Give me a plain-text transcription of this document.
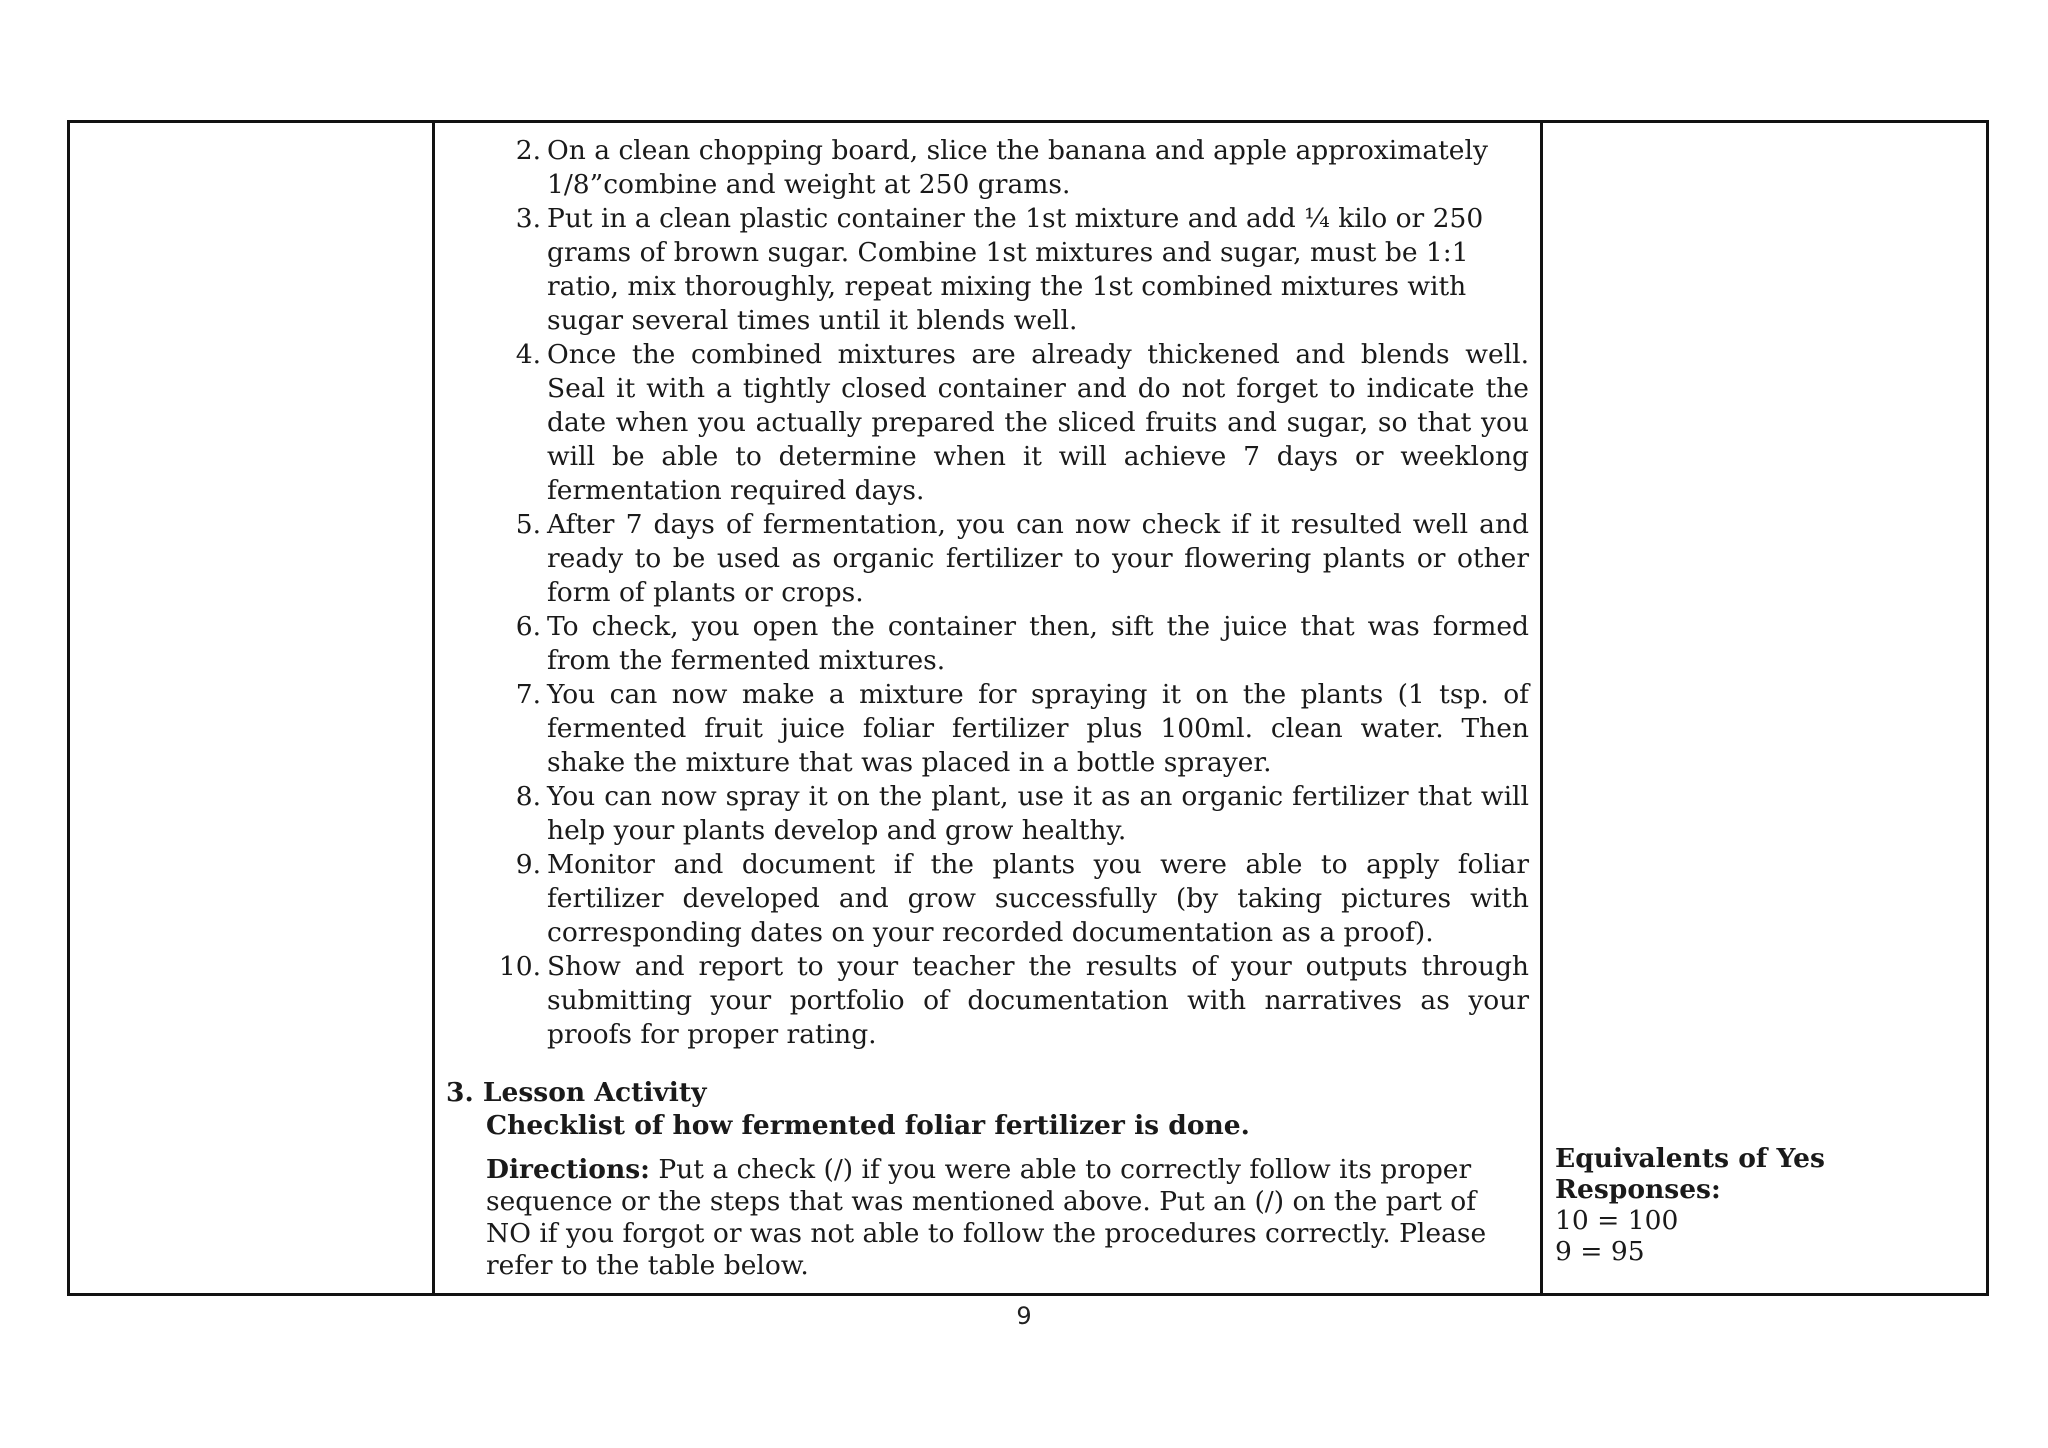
2. On a clean chopping board, slice the banana and apple approximately 1/8”combine and weight at 250 grams.
3. Put in a clean plastic container the 1st mixture and add ¼ kilo or 250 grams of brown sugar. Combine 1st mixtures and sugar, must be 1:1 ratio, mix thoroughly, repeat mixing the 1st combined mixtures with sugar several times until it blends well.
4. Once the combined mixtures are already thickened and blends well. Seal it with a tightly closed container and do not forget to indicate the date when you actually prepared the sliced fruits and sugar, so that you will be able to determine when it will achieve 7 days or weeklong fermentation required days.
5. After 7 days of fermentation, you can now check if it resulted well and ready to be used as organic fertilizer to your flowering plants or other form of plants or crops.
6. To check, you open the container then, sift the juice that was formed from the fermented mixtures.
7. You can now make a mixture for spraying it on the plants (1 tsp. of fermented fruit juice foliar fertilizer plus 100ml. clean water. Then shake the mixture that was placed in a bottle sprayer.
8. You can now spray it on the plant, use it as an organic fertilizer that will help your plants develop and grow healthy.
9. Monitor and document if the plants you were able to apply foliar fertilizer developed and grow successfully (by taking pictures with corresponding dates on your recorded documentation as a proof).
10. Show and report to your teacher the results of your outputs through submitting your portfolio of documentation with narratives as your proofs for proper rating.
3. Lesson Activity
Checklist of how fermented foliar fertilizer is done.
Directions: Put a check (/) if you were able to correctly follow its proper sequence or the steps that was mentioned above. Put an (/) on the part of NO if you forgot or was not able to follow the procedures correctly. Please refer to the table below.
Equivalents of Yes
Responses:
10 = 100
9 = 95
9
